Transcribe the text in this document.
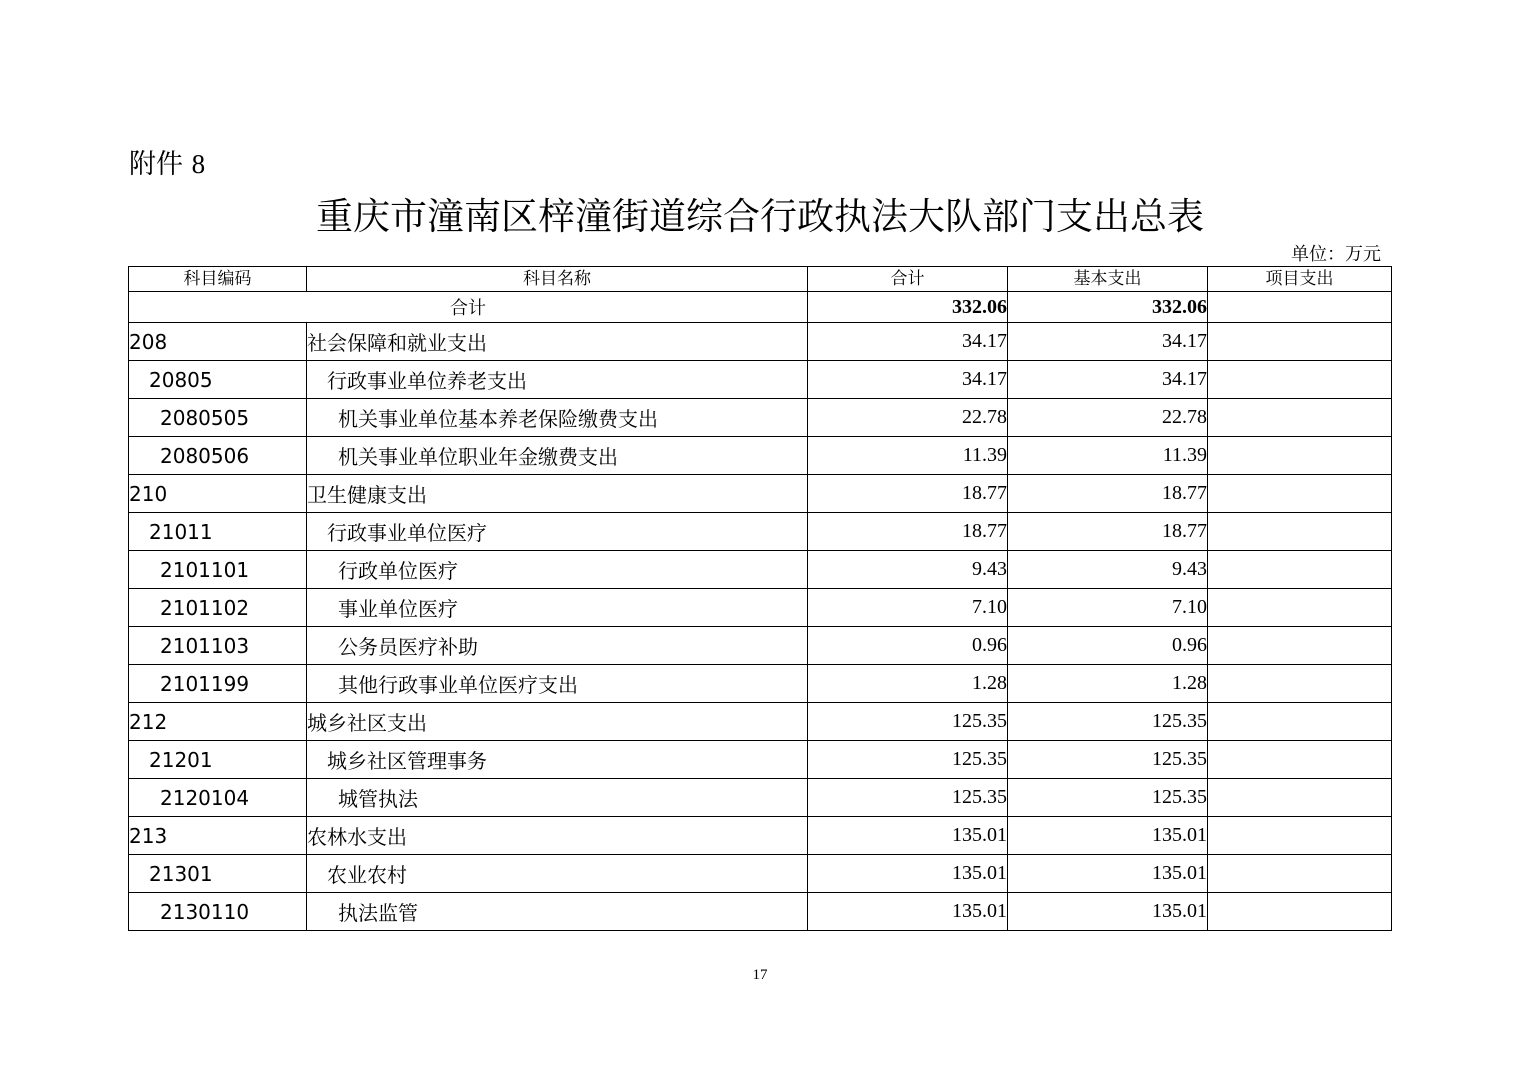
附件 8
重庆市潼南区梓潼街道综合行政执法大队部门支出总表
单位：万元
科目编码	科目名称	合计	基本支出	项目支出
合计		332.06	332.06	
208	社会保障和就业支出	34.17	34.17	
20805	行政事业单位养老支出	34.17	34.17	
2080505	机关事业单位基本养老保险缴费支出	22.78	22.78	
2080506	机关事业单位职业年金缴费支出	11.39	11.39	
210	卫生健康支出	18.77	18.77	
21011	行政事业单位医疗	18.77	18.77	
2101101	行政单位医疗	9.43	9.43	
2101102	事业单位医疗	7.10	7.10	
2101103	公务员医疗补助	0.96	0.96	
2101199	其他行政事业单位医疗支出	1.28	1.28	
212	城乡社区支出	125.35	125.35	
21201	城乡社区管理事务	125.35	125.35	
2120104	城管执法	125.35	125.35	
213	农林水支出	135.01	135.01	
21301	农业农村	135.01	135.01	
2130110	执法监管	135.01	135.01	
17
